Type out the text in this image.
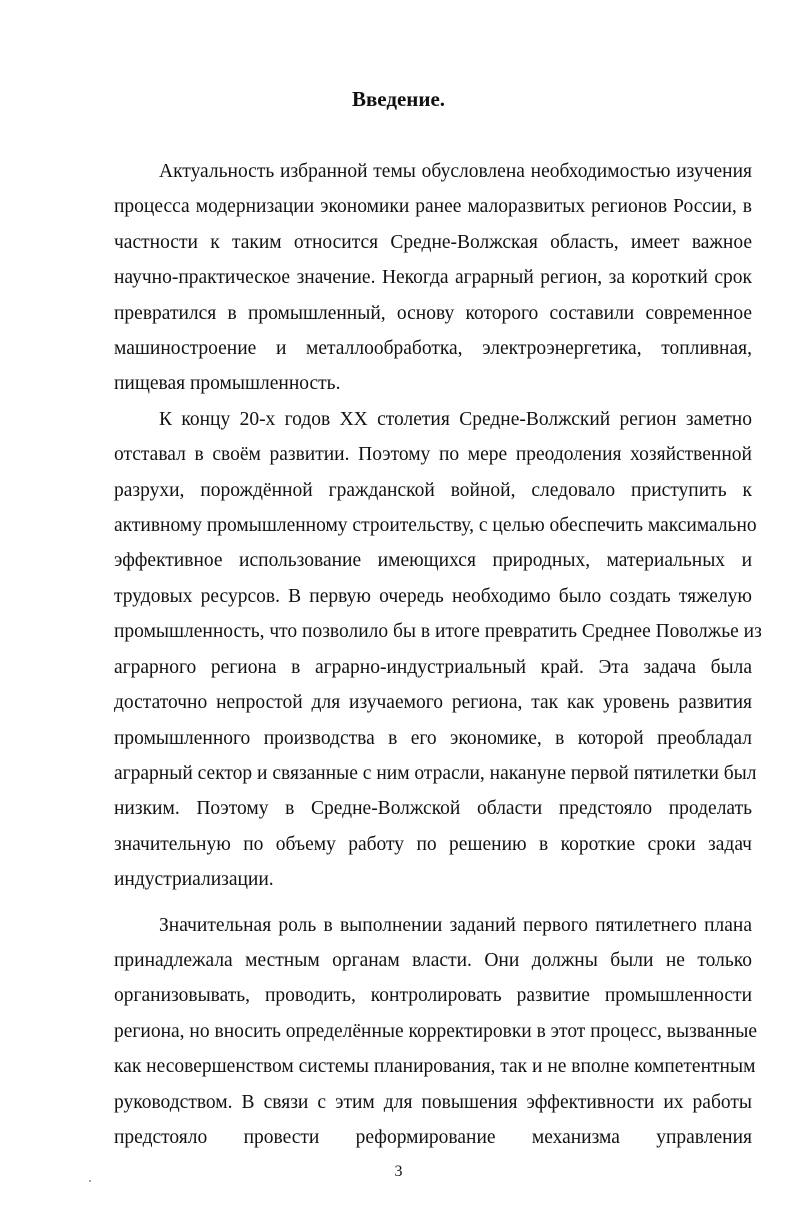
Введение.
Актуальность избранной темы обусловлена необходимостью изучения
процесса модернизации экономики ранее малоразвитых регионов России, в
частности к таким относится Средне-Волжская область, имеет важное
научно-практическое значение. Некогда аграрный регион, за короткий срок
превратился в промышленный, основу которого составили современное
машиностроение и металлообработка, электроэнергетика, топливная,
пищевая промышленность.
К концу 20-х годов XX столетия Средне-Волжский регион заметно
отставал в своём развитии. Поэтому по мере преодоления хозяйственной
разрухи, порождённой гражданской войной, следовало приступить к
активному промышленному строительству, с целью обеспечить максимально
эффективное использование имеющихся природных, материальных и
трудовых ресурсов. В первую очередь необходимо было создать тяжелую
промышленность, что позволило бы в итоге превратить Среднее Поволжье из
аграрного региона в аграрно-индустриальный край. Эта задача была
достаточно непростой для изучаемого региона, так как уровень развития
промышленного производства в его экономике, в которой преобладал
аграрный сектор и связанные с ним отрасли, накануне первой пятилетки был
низким. Поэтому в Средне-Волжской области предстояло проделать
значительную по объему работу по решению в короткие сроки задач
индустриализации.
Значительная роль в выполнении заданий первого пятилетнего плана
принадлежала местным органам власти. Они должны были не только
организовывать, проводить, контролировать развитие промышленности
региона, но вносить определённые корректировки в этот процесс, вызванные
как несовершенством системы планирования, так и не вполне компетентным
руководством. В связи с этим для повышения эффективности их работы
предстояло провести реформирование механизма управления
3
